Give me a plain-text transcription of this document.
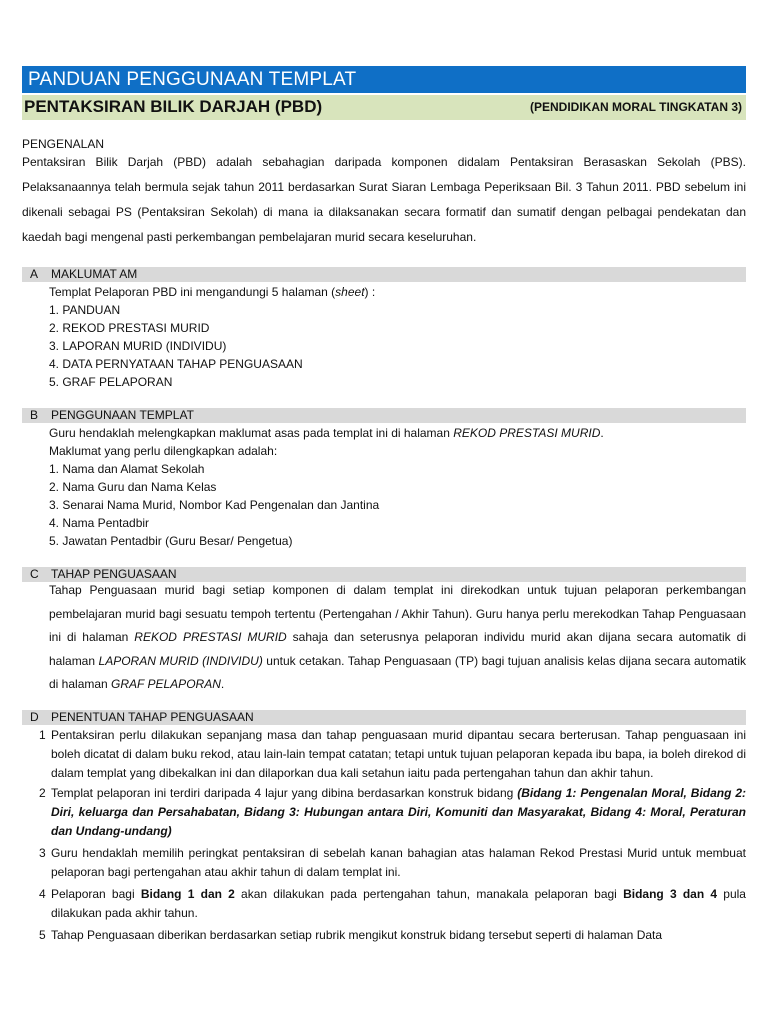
PANDUAN PENGGUNAAN TEMPLAT
PENTAKSIRAN BILIK DARJAH (PBD)	(PENDIDIKAN MORAL TINGKATAN 3)
PENGENALAN
Pentaksiran Bilik Darjah (PBD) adalah sebahagian daripada komponen didalam Pentaksiran Berasaskan Sekolah (PBS). Pelaksanaannya telah bermula sejak tahun 2011 berdasarkan Surat Siaran Lembaga Peperiksaan Bil. 3 Tahun 2011. PBD sebelum ini dikenali sebagai PS (Pentaksiran Sekolah) di mana ia dilaksanakan secara formatif dan sumatif dengan pelbagai pendekatan dan kaedah bagi mengenal pasti perkembangan pembelajaran murid secara keseluruhan.
A MAKLUMAT AM
Templat Pelaporan PBD ini mengandungi 5 halaman (sheet) :
1. PANDUAN
2. REKOD PRESTASI MURID
3. LAPORAN MURID (INDIVIDU)
4. DATA PERNYATAAN TAHAP PENGUASAAN
5. GRAF PELAPORAN
B PENGGUNAAN TEMPLAT
Guru hendaklah melengkapkan maklumat asas pada templat ini di halaman REKOD PRESTASI MURID.
Maklumat yang perlu dilengkapkan adalah:
1. Nama dan Alamat Sekolah
2. Nama Guru dan Nama Kelas
3. Senarai Nama Murid, Nombor Kad Pengenalan dan Jantina
4. Nama Pentadbir
5. Jawatan Pentadbir (Guru Besar/ Pengetua)
C TAHAP PENGUASAAN
Tahap Penguasaan murid bagi setiap komponen di dalam templat ini direkodkan untuk tujuan pelaporan perkembangan pembelajaran murid bagi sesuatu tempoh tertentu (Pertengahan / Akhir Tahun). Guru hanya perlu merekodkan Tahap Penguasaan ini di halaman REKOD PRESTASI MURID sahaja dan seterusnya pelaporan individu murid akan dijana secara automatik di halaman LAPORAN MURID (INDIVIDU) untuk cetakan. Tahap Penguasaan (TP) bagi tujuan analisis kelas dijana secara automatik di halaman GRAF PELAPORAN.
D PENENTUAN TAHAP PENGUASAAN
1 Pentaksiran perlu dilakukan sepanjang masa dan tahap penguasaan murid dipantau secara berterusan. Tahap penguasaan ini boleh dicatat di dalam buku rekod, atau lain-lain tempat catatan; tetapi untuk tujuan pelaporan kepada ibu bapa, ia boleh direkod di dalam templat yang dibekalkan ini dan dilaporkan dua kali setahun iaitu pada pertengahan tahun dan akhir tahun.
2 Templat pelaporan ini terdiri daripada 4 lajur yang dibina berdasarkan konstruk bidang (Bidang 1: Pengenalan Moral, Bidang 2: Diri, keluarga dan Persahabatan, Bidang 3: Hubungan antara Diri, Komuniti dan Masyarakat, Bidang 4: Moral, Peraturan dan Undang-undang)
3 Guru hendaklah memilih peringkat pentaksiran di sebelah kanan bahagian atas halaman Rekod Prestasi Murid untuk membuat pelaporan bagi pertengahan atau akhir tahun di dalam templat ini.
4 Pelaporan bagi Bidang 1 dan 2 akan dilakukan pada pertengahan tahun, manakala pelaporan bagi Bidang 3 dan 4 pula dilakukan pada akhir tahun.
5 Tahap Penguasaan diberikan berdasarkan setiap rubrik mengikut konstruk bidang tersebut seperti di halaman Data
